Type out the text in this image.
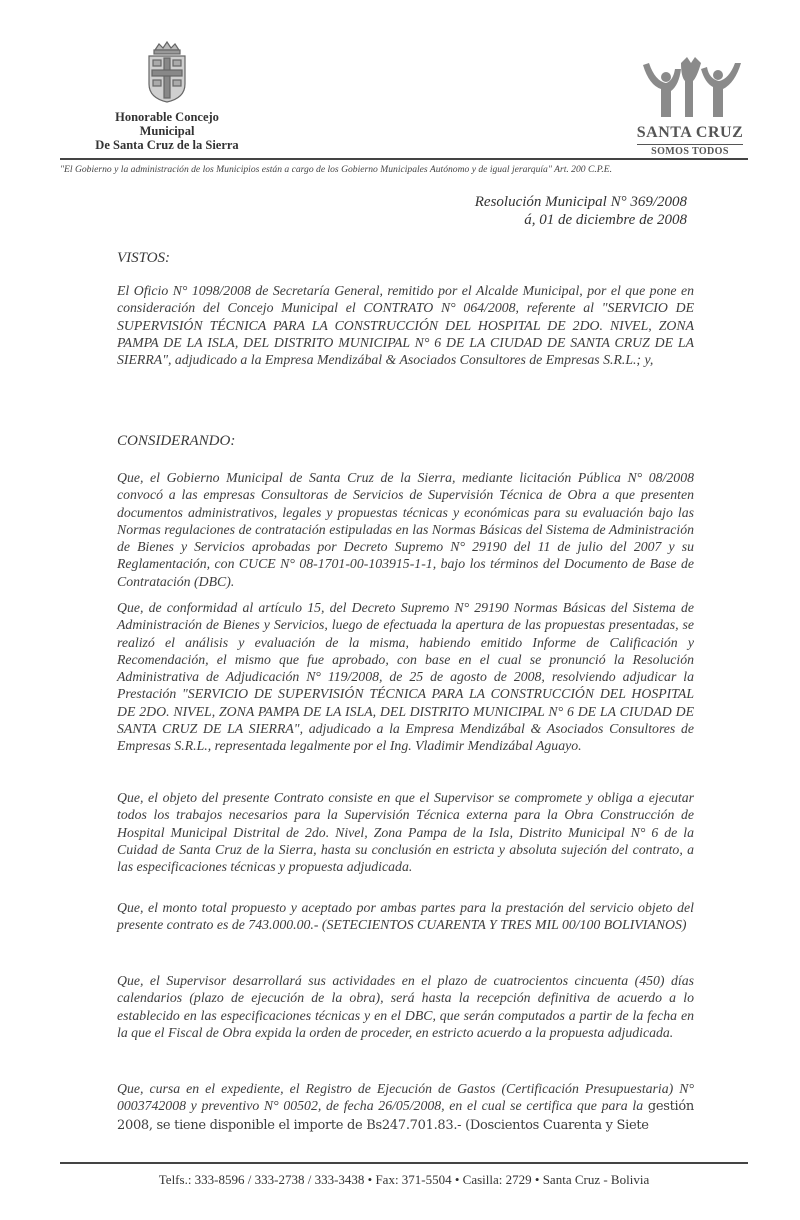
Honorable Concejo Municipal
De Santa Cruz de la Sierra
SANTA CRUZ
SOMOS TODOS
"El Gobierno y la administración de los Municipios están a cargo de los Gobierno Municipales Autónomo y de igual jerarquía" Art. 200 C.P.E.
Resolución Municipal N° 369/2008
á, 01 de diciembre de 2008
VISTOS:
El Oficio N° 1098/2008 de Secretaría General, remitido por el Alcalde Municipal, por el que pone en consideración del Concejo Municipal el CONTRATO N° 064/2008, referente al "SERVICIO DE SUPERVISIÓN TÉCNICA PARA LA CONSTRUCCIÓN DEL HOSPITAL DE 2DO. NIVEL, ZONA PAMPA DE LA ISLA, DEL DISTRITO MUNICIPAL N° 6 DE LA CIUDAD DE SANTA CRUZ DE LA SIERRA", adjudicado a la Empresa Mendizábal & Asociados Consultores de Empresas S.R.L.; y,
CONSIDERANDO:
Que, el Gobierno Municipal de Santa Cruz de la Sierra, mediante licitación Pública N° 08/2008 convocó a las empresas Consultoras de Servicios de Supervisión Técnica de Obra a que presenten documentos administrativos, legales y propuestas técnicas y económicas para su evaluación bajo las Normas regulaciones de contratación estipuladas en las Normas Básicas del Sistema de Administración de Bienes y Servicios aprobadas por Decreto Supremo N° 29190 del 11 de julio del 2007 y su Reglamentación, con CUCE N° 08-1701-00-103915-1-1, bajo los términos del Documento de Base de Contratación (DBC).
Que, de conformidad al artículo 15, del Decreto Supremo N° 29190 Normas Básicas del Sistema de Administración de Bienes y Servicios, luego de efectuada la apertura de las propuestas presentadas, se realizó el análisis y evaluación de la misma, habiendo emitido Informe de Calificación y Recomendación, el mismo que fue aprobado, con base en el cual se pronunció la Resolución Administrativa de Adjudicación N° 119/2008, de 25 de agosto de 2008, resolviendo adjudicar la Prestación "SERVICIO DE SUPERVISIÓN TÉCNICA PARA LA CONSTRUCCIÓN DEL HOSPITAL DE 2DO. NIVEL, ZONA PAMPA DE LA ISLA, DEL DISTRITO MUNICIPAL N° 6 DE LA CIUDAD DE SANTA CRUZ DE LA SIERRA", adjudicado a la Empresa Mendizábal & Asociados Consultores de Empresas S.R.L., representada legalmente por el Ing. Vladimir Mendizábal Aguayo.
Que, el objeto del presente Contrato consiste en que el Supervisor se compromete y obliga a ejecutar todos los trabajos necesarios para la Supervisión Técnica externa para la Obra Construcción de Hospital Municipal Distrital de 2do. Nivel, Zona Pampa de la Isla, Distrito Municipal N° 6 de la Cuidad de Santa Cruz de la Sierra, hasta su conclusión en estricta y absoluta sujeción del contrato, a las especificaciones técnicas y propuesta adjudicada.
Que, el monto total propuesto y aceptado por ambas partes para la prestación del servicio objeto del presente contrato es de 743.000.00.- (SETECIENTOS CUARENTA Y TRES MIL 00/100 BOLIVIANOS)
Que, el Supervisor desarrollará sus actividades en el plazo de cuatrocientos cincuenta (450) días calendarios (plazo de ejecución de la obra), será hasta la recepción definitiva de acuerdo a lo establecido en las especificaciones técnicas y en el DBC, que serán computados a partir de la fecha en la que el Fiscal de Obra expida la orden de proceder, en estricto acuerdo a la propuesta adjudicada.
Que, cursa en el expediente, el Registro de Ejecución de Gastos (Certificación Presupuestaria) N° 0003742008 y preventivo N° 00502, de fecha 26/05/2008, en el cual se certifica que para la gestión 2008, se tiene disponible el importe de Bs247.701.83.- (Doscientos Cuarenta y Siete
Telfs.: 333-8596 / 333-2738 / 333-3438 • Fax: 371-5504 • Casilla: 2729 • Santa Cruz - Bolivia
